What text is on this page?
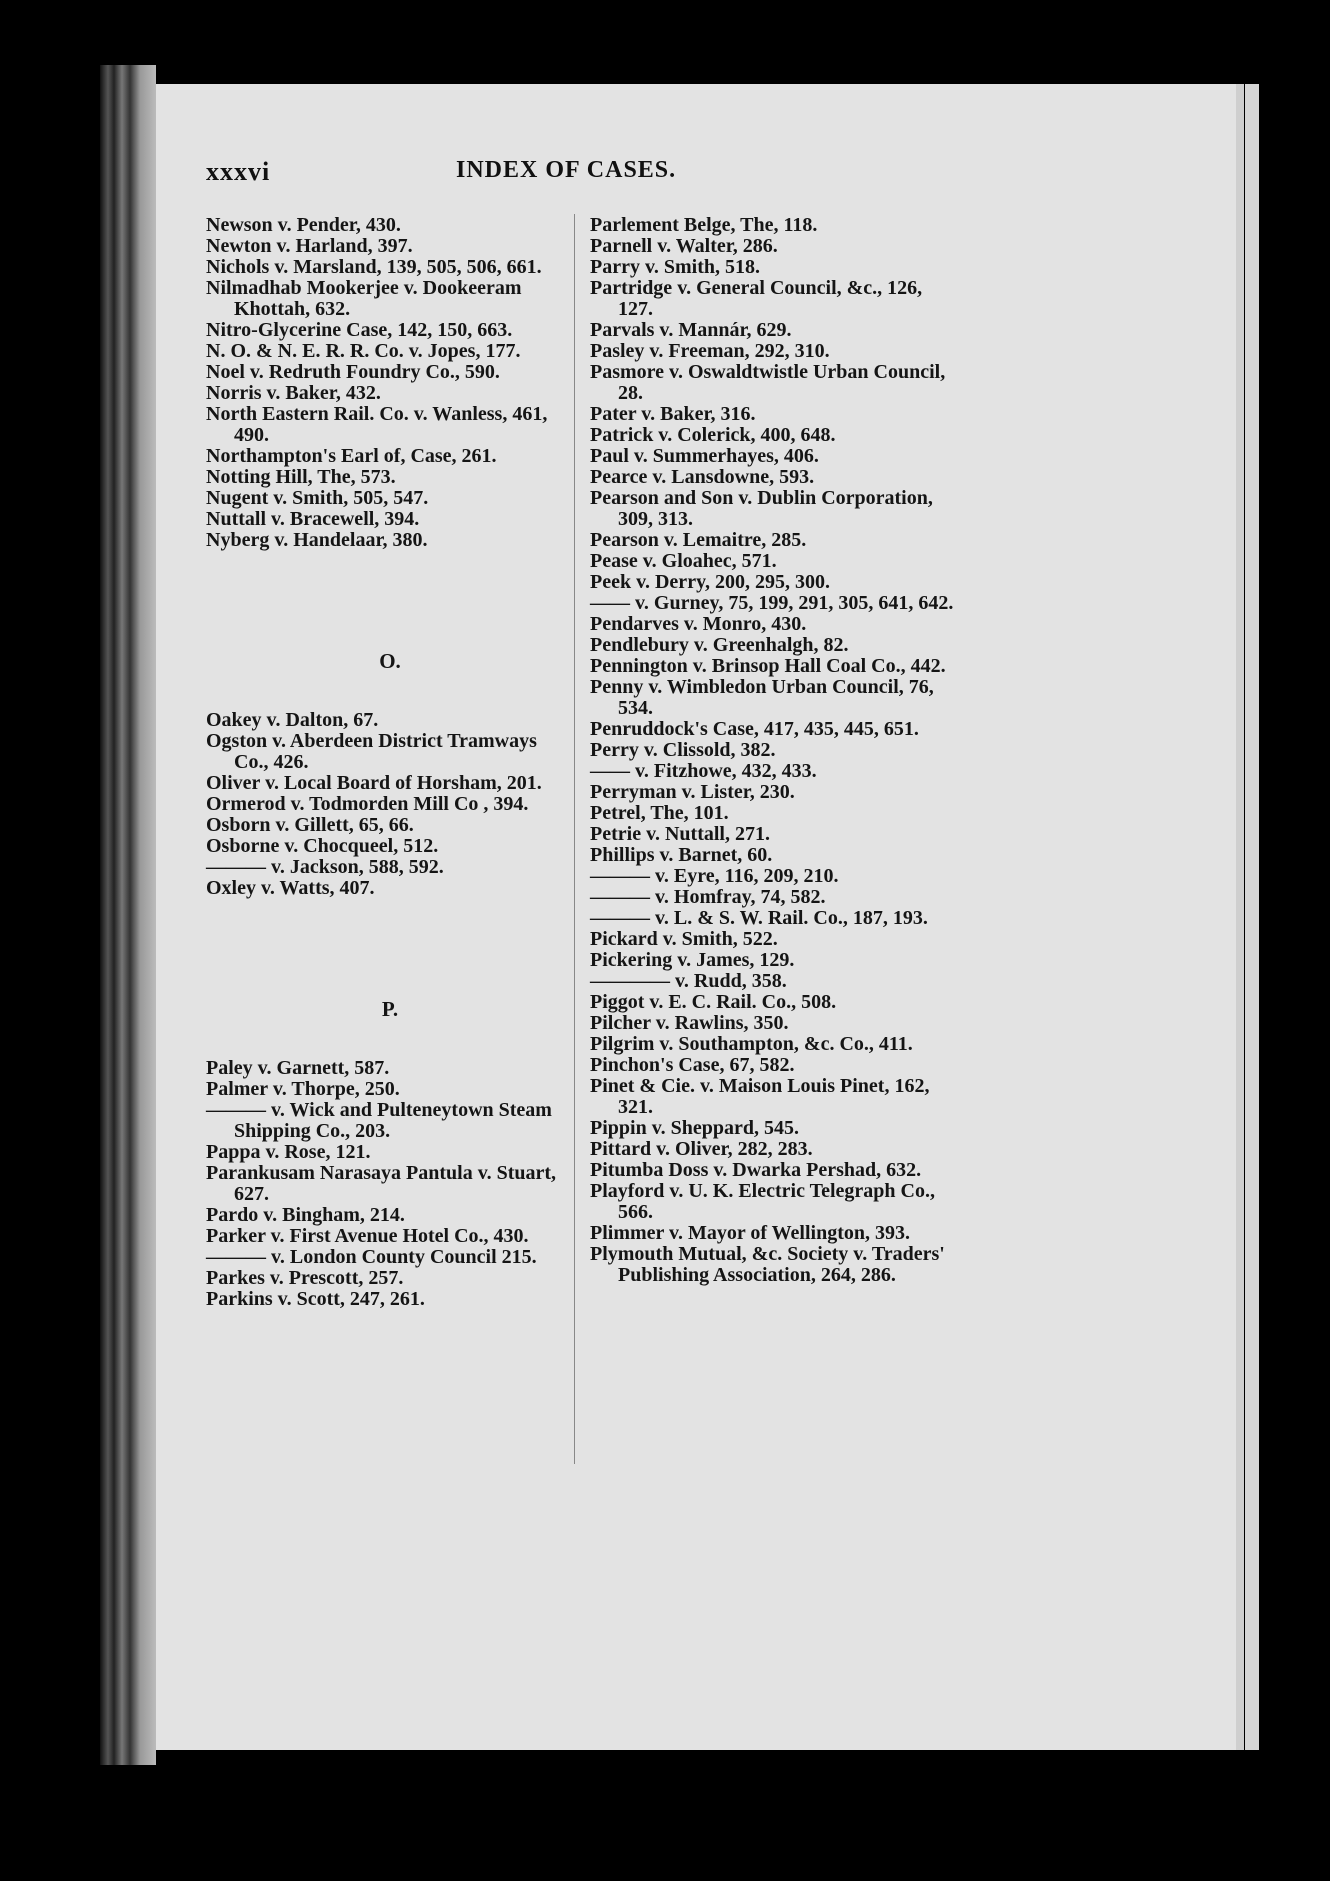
xxxvi	INDEX OF CASES.

Newson v. Pender, 430.

Newton v. Harland, 397.

Nichols v. Marsland, 139, 505, 506, 661.

Nilmadhab Mookerjee v. Dookeeram Khottah, 632.

Nitro-Glycerine Case, 142, 150, 663.

N. O. & N. E. R. R. Co. v. Jopes, 177.

Noel v. Redruth Foundry Co., 590.

Norris v. Baker, 432.

North Eastern Rail. Co. v. Wanless, 461, 490.

Northampton's Earl of, Case, 261.

Notting Hill, The, 573.

Nugent v. Smith, 505, 547.

Nuttall v. Bracewell, 394.

Nyberg v. Handelaar, 380.

O.

Oakey v. Dalton, 67.

Ogston v. Aberdeen District Tramways Co., 426.

Oliver v. Local Board of Horsham, 201.

Ormerod v. Todmorden Mill Co , 394.

Osborn v. Gillett, 65, 66.

Osborne v. Chocqueel, 512.

——— v. Jackson, 588, 592.

Oxley v. Watts, 407.

P.

Paley v. Garnett, 587.

Palmer v. Thorpe, 250.

——— v. Wick and Pulteneytown Steam Shipping Co., 203.

Pappa v. Rose, 121.

Parankusam Narasaya Pantula v. Stuart, 627.

Pardo v. Bingham, 214.

Parker v. First Avenue Hotel Co., 430.

——— v. London County Council 215.

Parkes v. Prescott, 257.

Parkins v. Scott, 247, 261.

Parlement Belge, The, 118.

Parnell v. Walter, 286.

Parry v. Smith, 518.

Partridge v. General Council, &c., 126, 127.

Parvals v. Mannár, 629.

Pasley v. Freeman, 292, 310.

Pasmore v. Oswaldtwistle Urban Council, 28.

Pater v. Baker, 316.

Patrick v. Colerick, 400, 648.

Paul v. Summerhayes, 406.

Pearce v. Lansdowne, 593.

Pearson and Son v. Dublin Corporation, 309, 313.

Pearson v. Lemaitre, 285.

Pease v. Gloahec, 571.

Peek v. Derry, 200, 295, 300.

—— v. Gurney, 75, 199, 291, 305, 641, 642.

Pendarves v. Monro, 430.

Pendlebury v. Greenhalgh, 82.

Pennington v. Brinsop Hall Coal Co., 442.

Penny v. Wimbledon Urban Council, 76, 534.

Penruddock's Case, 417, 435, 445, 651.

Perry v. Clissold, 382.

—— v. Fitzhowe, 432, 433.

Perryman v. Lister, 230.

Petrel, The, 101.

Petrie v. Nuttall, 271.

Phillips v. Barnet, 60.

——— v. Eyre, 116, 209, 210.

——— v. Homfray, 74, 582.

——— v. L. & S. W. Rail. Co., 187, 193.

Pickard v. Smith, 522.

Pickering v. James, 129.

———— v. Rudd, 358.

Piggot v. E. C. Rail. Co., 508.

Pilcher v. Rawlins, 350.

Pilgrim v. Southampton, &c. Co., 411.

Pinchon's Case, 67, 582.

Pinet & Cie. v. Maison Louis Pinet, 162, 321.

Pippin v. Sheppard, 545.

Pittard v. Oliver, 282, 283.

Pitumba Doss v. Dwarka Pershad, 632.

Playford v. U. K. Electric Telegraph Co., 566.

Plimmer v. Mayor of Wellington, 393.

Plymouth Mutual, &c. Society v. Traders' Publishing Association, 264, 286.
